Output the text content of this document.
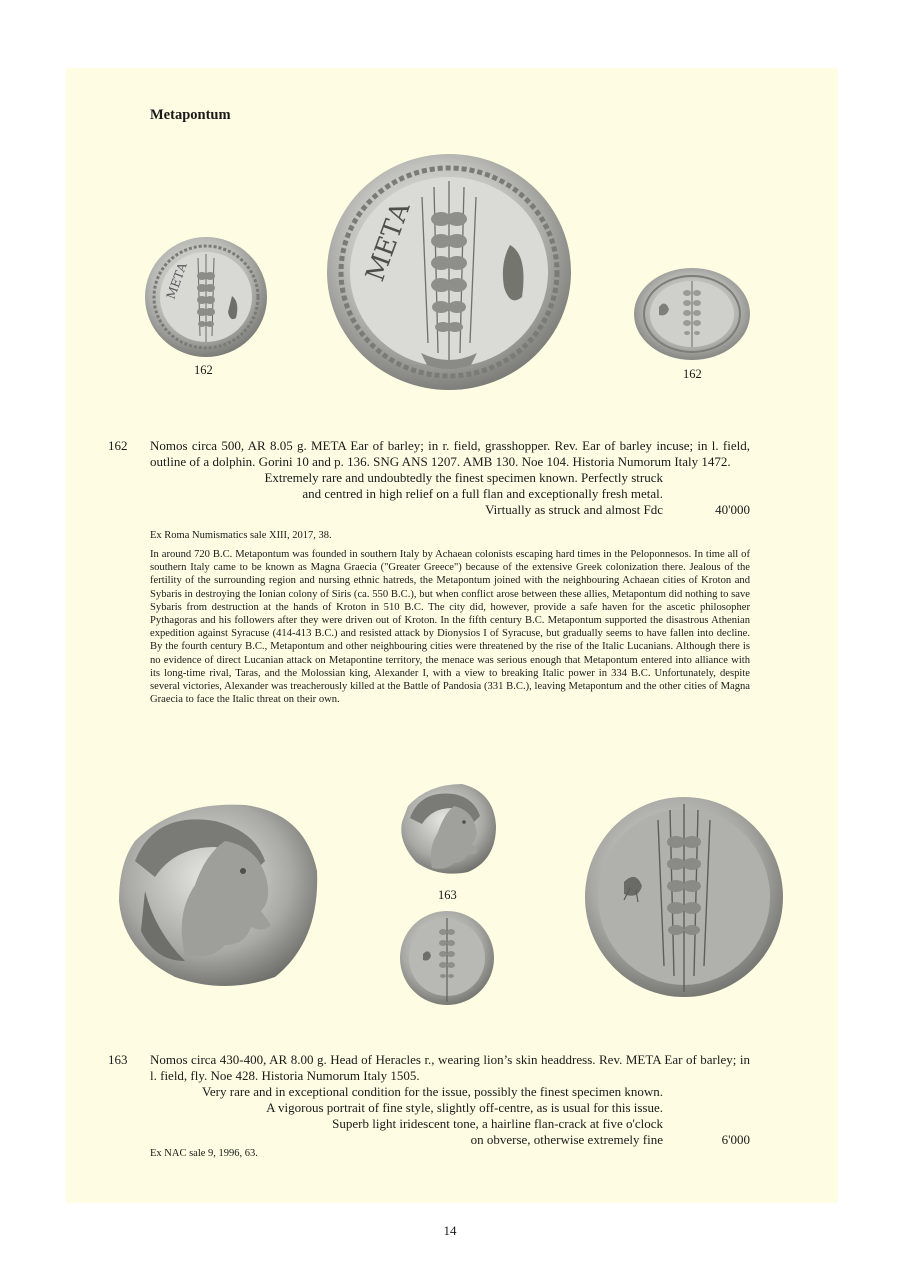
Metapontum
ΜΕΤΑ	ΜΕΤΑ
162	162
162 Nomos circa 500, AR 8.05 g. META Ear of barley; in r. field, grasshopper. Rev. Ear of barley incuse; in l. field, outline of a dolphin. Gorini 10 and p. 136. SNG ANS 1207. AMB 130. Noe 104. Historia Numorum Italy 1472.
Extremely rare and undoubtedly the finest specimen known. Perfectly struck
and centred in high relief on a full flan and exceptionally fresh metal.
Virtually as struck and almost Fdc	40'000
Ex Roma Numismatics sale XIII, 2017, 38.
In around 720 B.C. Metapontum was founded in southern Italy by Achaean colonists escaping hard times in the Peloponnesos. In time all of southern Italy came to be known as Magna Graecia ("Greater Greece") because of the extensive Greek colonization there. Jealous of the fertility of the surrounding region and nursing ethnic hatreds, the Metapontum joined with the neighbouring Achaean cities of Kroton and Sybaris in destroying the Ionian colony of Siris (ca. 550 B.C.), but when conflict arose between these allies, Metapontum did nothing to save Sybaris from destruction at the hands of Kroton in 510 B.C. The city did, however, provide a safe haven for the ascetic philosopher Pythagoras and his followers after they were driven out of Kroton. In the fifth century B.C. Metapontum supported the disastrous Athenian expedition against Syracuse (414-413 B.C.) and resisted attack by Dionysios I of Syracuse, but gradually seems to have fallen into decline. By the fourth century B.C., Metapontum and other neighbouring cities were threatened by the rise of the Italic Lucanians. Although there is no evidence of direct Lucanian attack on Metapontine territory, the menace was serious enough that Metapontum entered into alliance with its long-time rival, Taras, and the Molossian king, Alexander I, with a view to breaking Italic power in 334 B.C. Unfortunately, despite several victories, Alexander was treacherously killed at the Battle of Pandosia (331 B.C.), leaving Metapontum and the other cities of Magna Graecia to face the Italic threat on their own.
163
163 Nomos circa 430-400, AR 8.00 g. Head of Heracles r., wearing lion’s skin headdress. Rev. META Ear of barley; in l. field, fly. Noe 428. Historia Numorum Italy 1505.
Very rare and in exceptional condition for the issue, possibly the finest specimen known.
A vigorous portrait of fine style, slightly off-centre, as is usual for this issue.
Superb light iridescent tone, a hairline flan-crack at five o'clock
on obverse, otherwise extremely fine	6'000
Ex NAC sale 9, 1996, 63.
14
